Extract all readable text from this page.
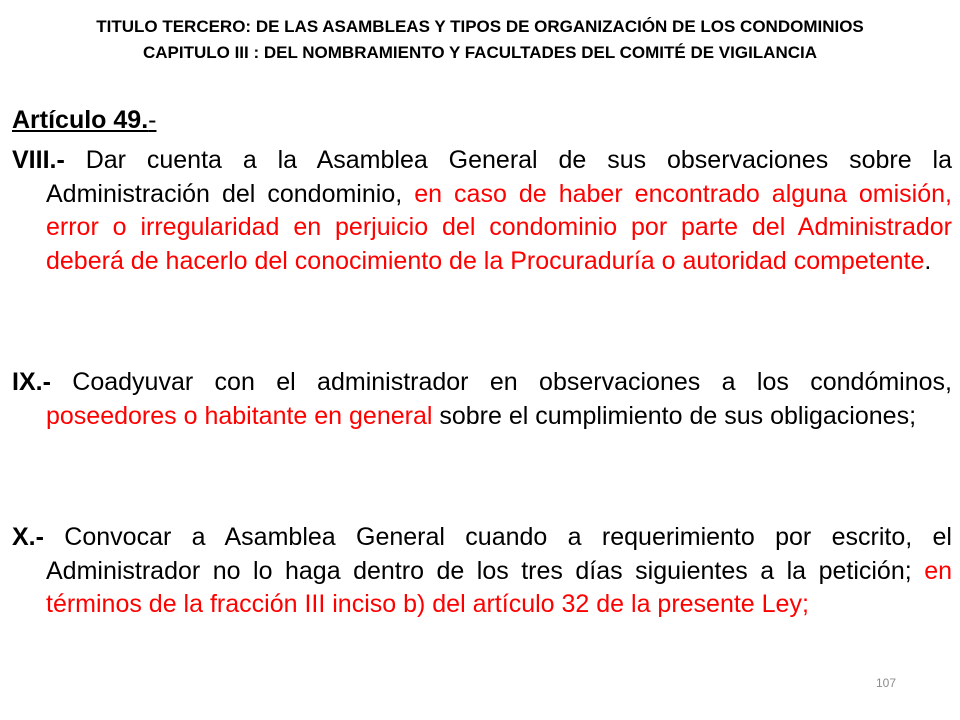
TITULO TERCERO: DE LAS ASAMBLEAS Y TIPOS DE ORGANIZACIÓN DE LOS CONDOMINIOS
CAPITULO III : DEL NOMBRAMIENTO Y FACULTADES DEL COMITÉ DE VIGILANCIA
Artículo 49.-

VIII.- Dar cuenta a la Asamblea General de sus observaciones sobre la Administración del condominio, en caso de haber encontrado alguna omisión, error o irregularidad en perjuicio del condominio por parte del Administrador deberá de hacerlo del conocimiento de la Procuraduría o autoridad competente.

IX.- Coadyuvar con el administrador en observaciones a los condóminos, poseedores o habitante en general sobre el cumplimiento de sus obligaciones;

X.- Convocar a Asamblea General cuando a requerimiento por escrito, el Administrador no lo haga dentro de los tres días siguientes a la petición; en términos de la fracción III inciso b) del artículo 32 de la presente Ley;

107
